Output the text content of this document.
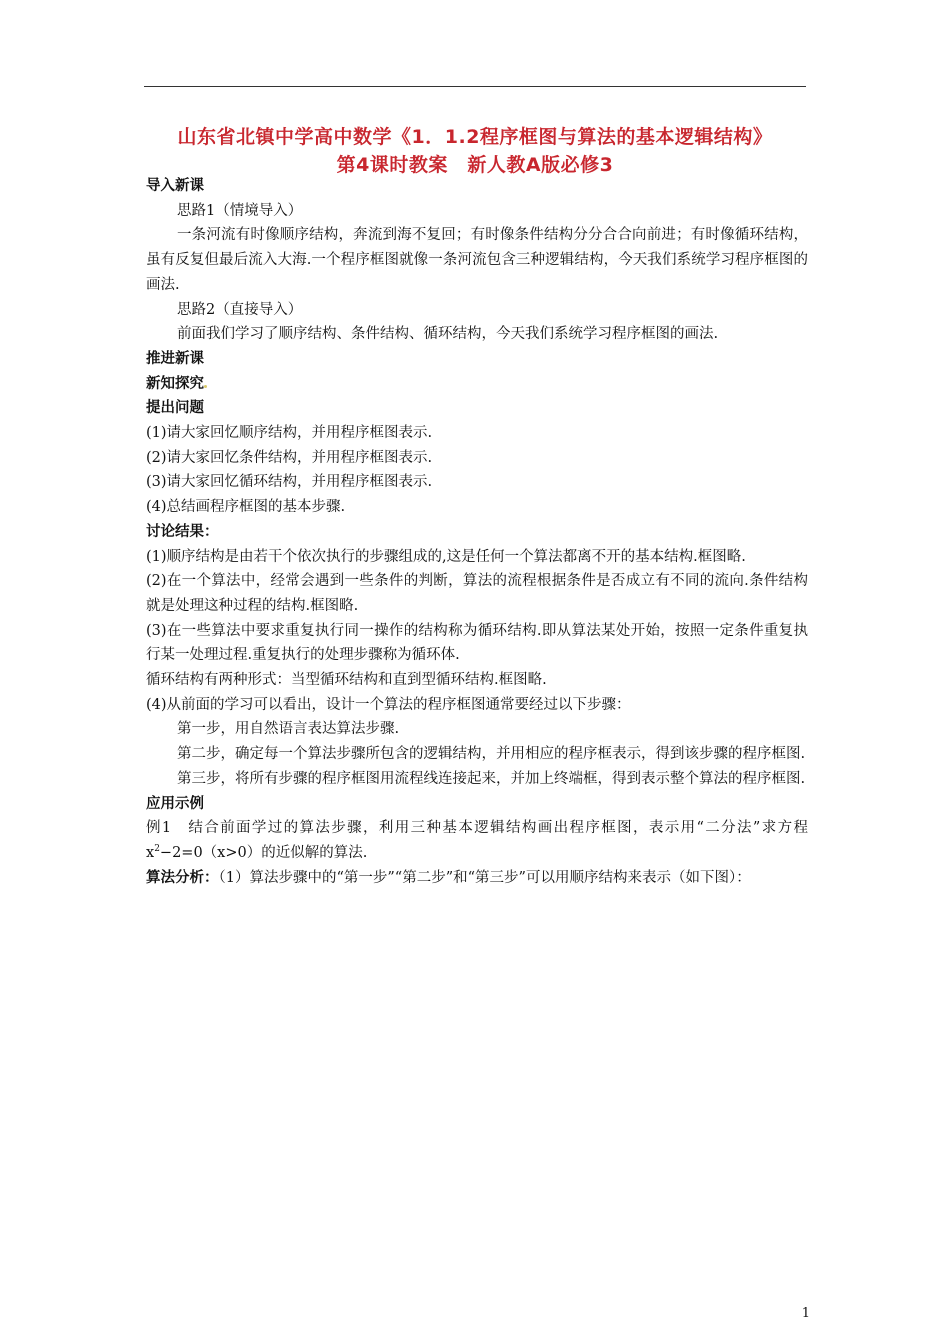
山东省北镇中学高中数学《1．1.2程序框图与算法的基本逻辑结构》
第4课时教案　新人教A版必修3

导入新课

思路1（情境导入）

一条河流有时像顺序结构，奔流到海不复回；有时像条件结构分分合合向前进；有时像循环结构，虽有反复但最后流入大海.一个程序框图就像一条河流包含三种逻辑结构，今天我们系统学习程序框图的画法.

思路2（直接导入）

前面我们学习了顺序结构、条件结构、循环结构，今天我们系统学习程序框图的画法.

推进新课

新知探究

提出问题

(1)请大家回忆顺序结构，并用程序框图表示.

(2)请大家回忆条件结构，并用程序框图表示.

(3)请大家回忆循环结构，并用程序框图表示.

(4)总结画程序框图的基本步骤.

讨论结果：

(1)顺序结构是由若干个依次执行的步骤组成的,这是任何一个算法都离不开的基本结构.框图略.

(2)在一个算法中，经常会遇到一些条件的判断，算法的流程根据条件是否成立有不同的流向.条件结构就是处理这种过程的结构.框图略.

(3)在一些算法中要求重复执行同一操作的结构称为循环结构.即从算法某处开始，按照一定条件重复执行某一处理过程.重复执行的处理步骤称为循环体.

循环结构有两种形式：当型循环结构和直到型循环结构.框图略.

(4)从前面的学习可以看出，设计一个算法的程序框图通常要经过以下步骤：

第一步，用自然语言表达算法步骤.

第二步，确定每一个算法步骤所包含的逻辑结构，并用相应的程序框表示，得到该步骤的程序框图.

第三步，将所有步骤的程序框图用流程线连接起来，并加上终端框，得到表示整个算法的程序框图.

应用示例

例1　结合前面学过的算法步骤，利用三种基本逻辑结构画出程序框图，表示用“二分法”求方程 $x^2-2=0(x>0)$的近似解的算法.

算法分析：（1）算法步骤中的“第一步”“第二步”和“第三步”可以用顺序结构来表示（如下图）：

1
